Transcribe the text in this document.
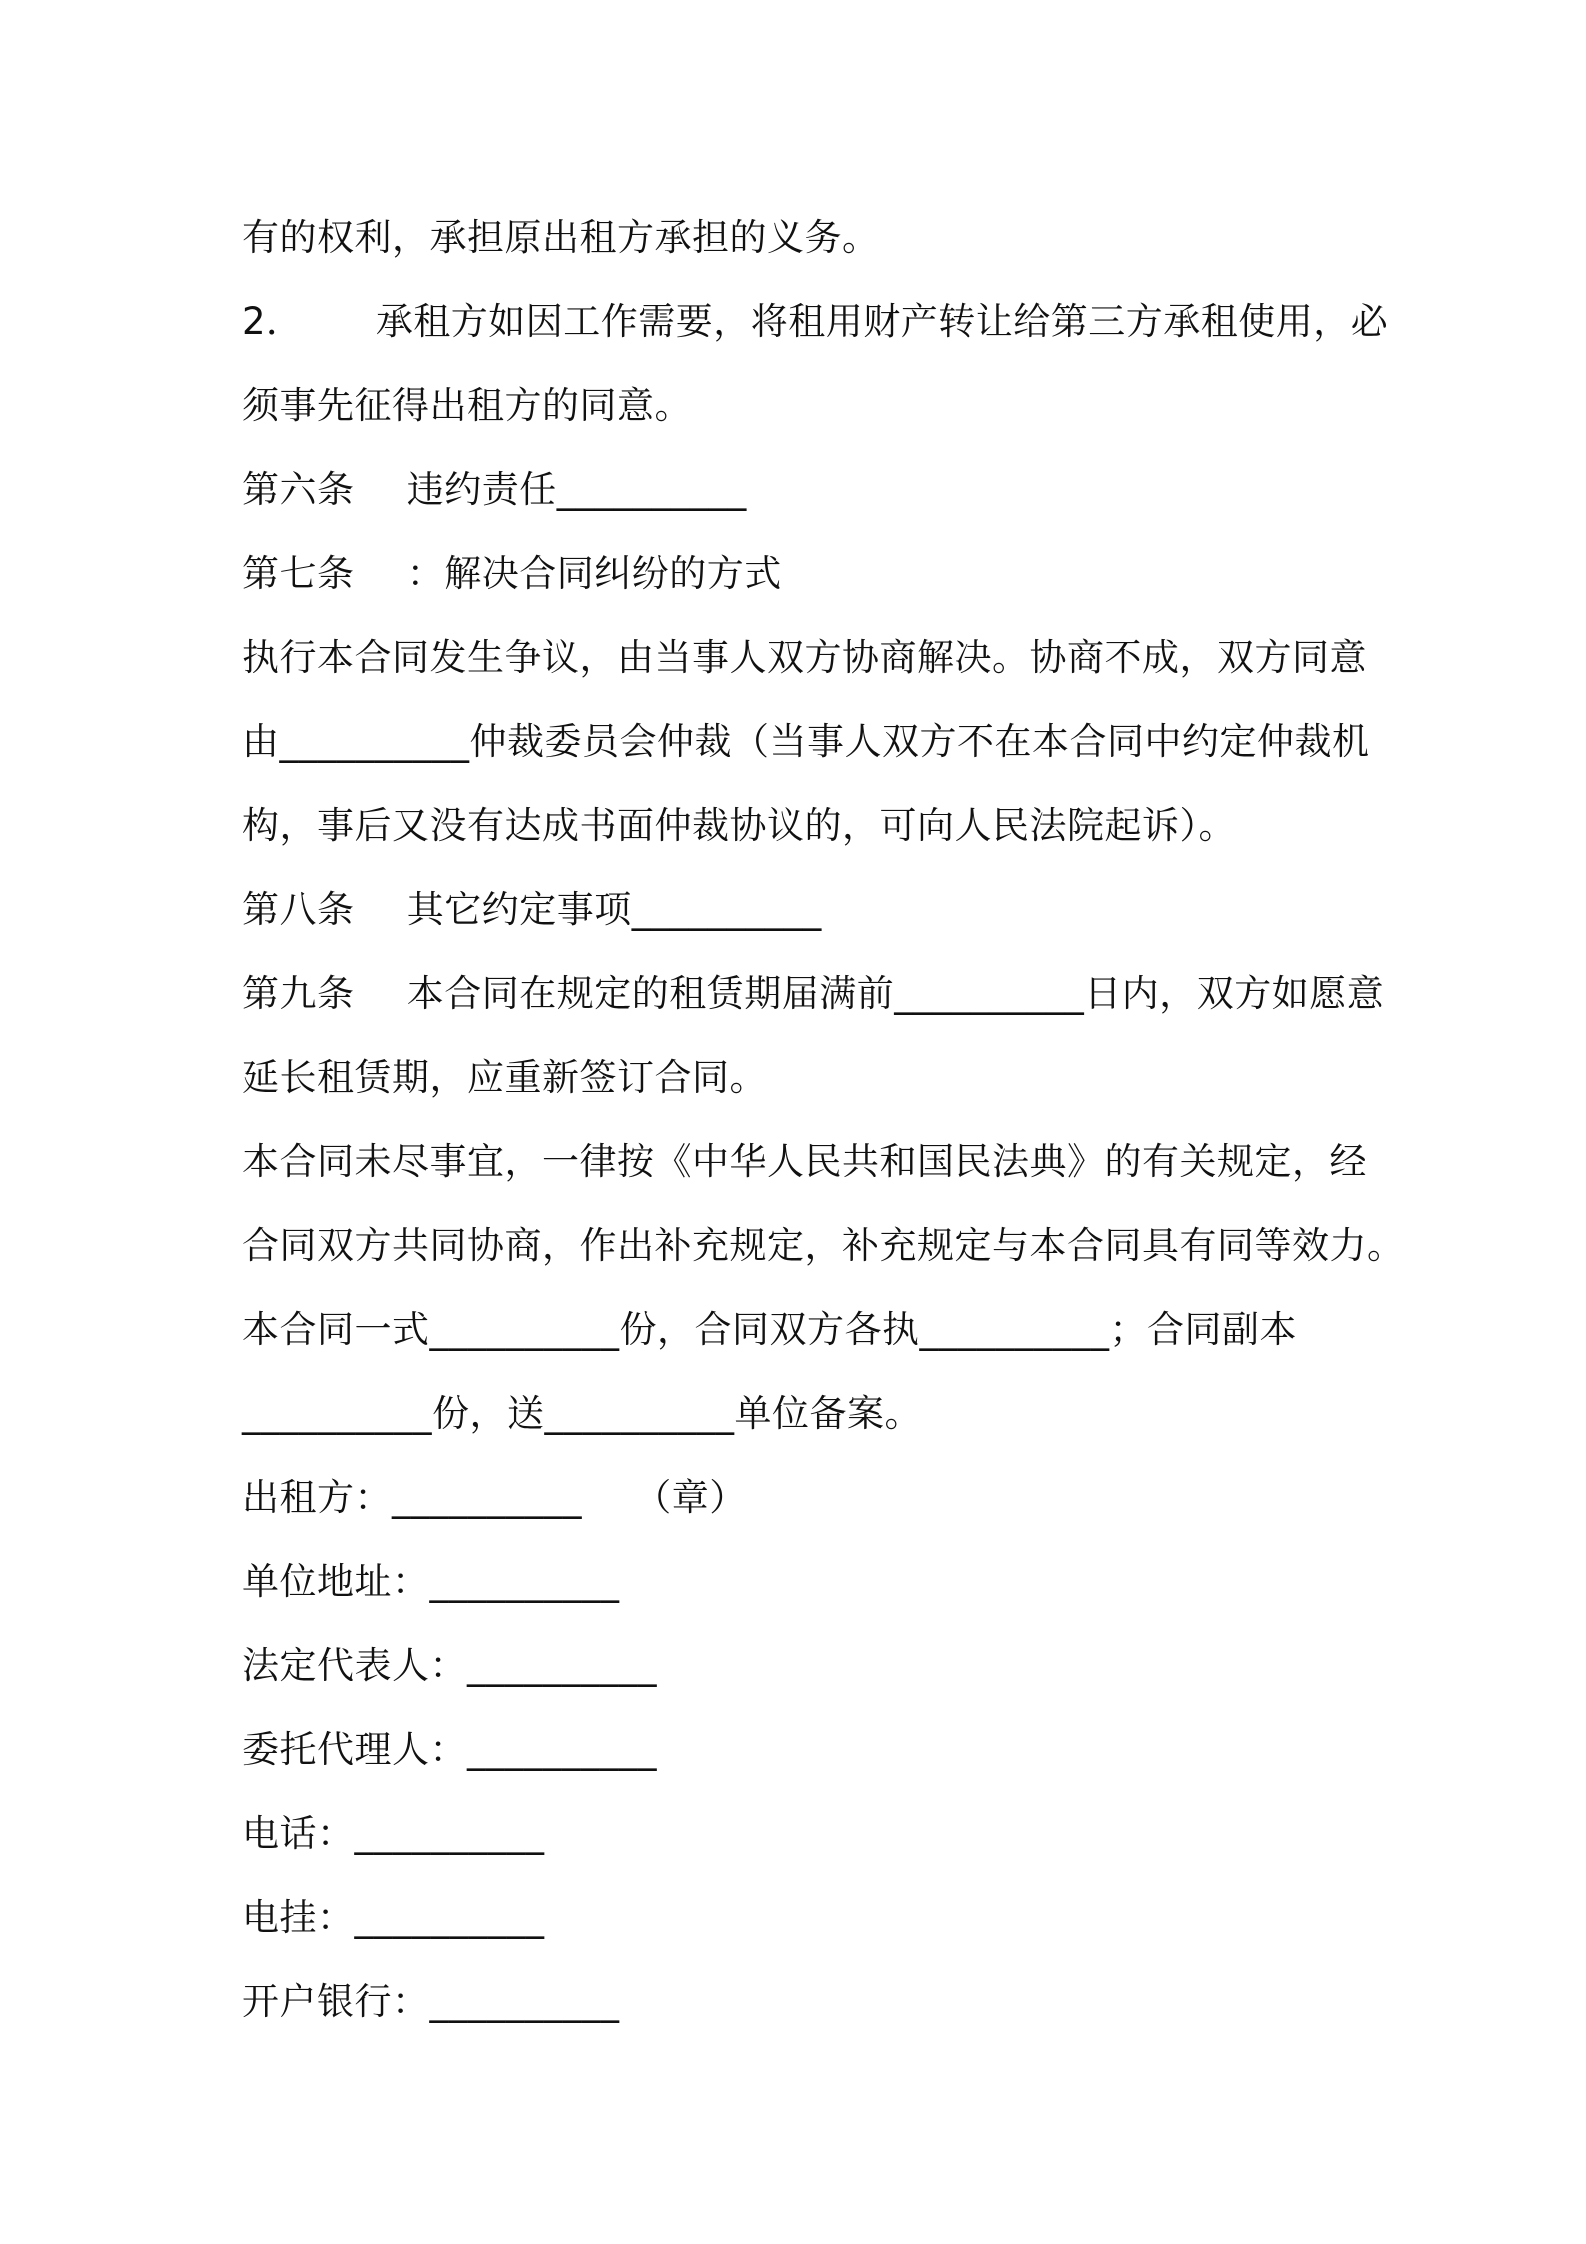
有的权利，承担原出租方承担的义务。
2． 承租方如因工作需要，将租用财产转让给第三方承租使用，必
须事先征得出租方的同意。
第六条 违约责任__________
第七条 ：解决合同纠纷的方式
执行本合同发生争议，由当事人双方协商解决。协商不成，双方同意
由__________仲裁委员会仲裁（当事人双方不在本合同中约定仲裁机
构，事后又没有达成书面仲裁协议的，可向人民法院起诉）。
第八条 其它约定事项__________
第九条 本合同在规定的租赁期届满前__________日内，双方如愿意
延长租赁期，应重新签订合同。
本合同未尽事宜，一律按《中华人民共和国民法典》的有关规定，经
合同双方共同协商，作出补充规定，补充规定与本合同具有同等效力。
本合同一式__________份，合同双方各执__________；合同副本
__________份，送__________单位备案。
出租方：__________ （章）
单位地址：__________
法定代表人：__________
委托代理人：__________
电话：__________
电挂：__________
开户银行：__________
